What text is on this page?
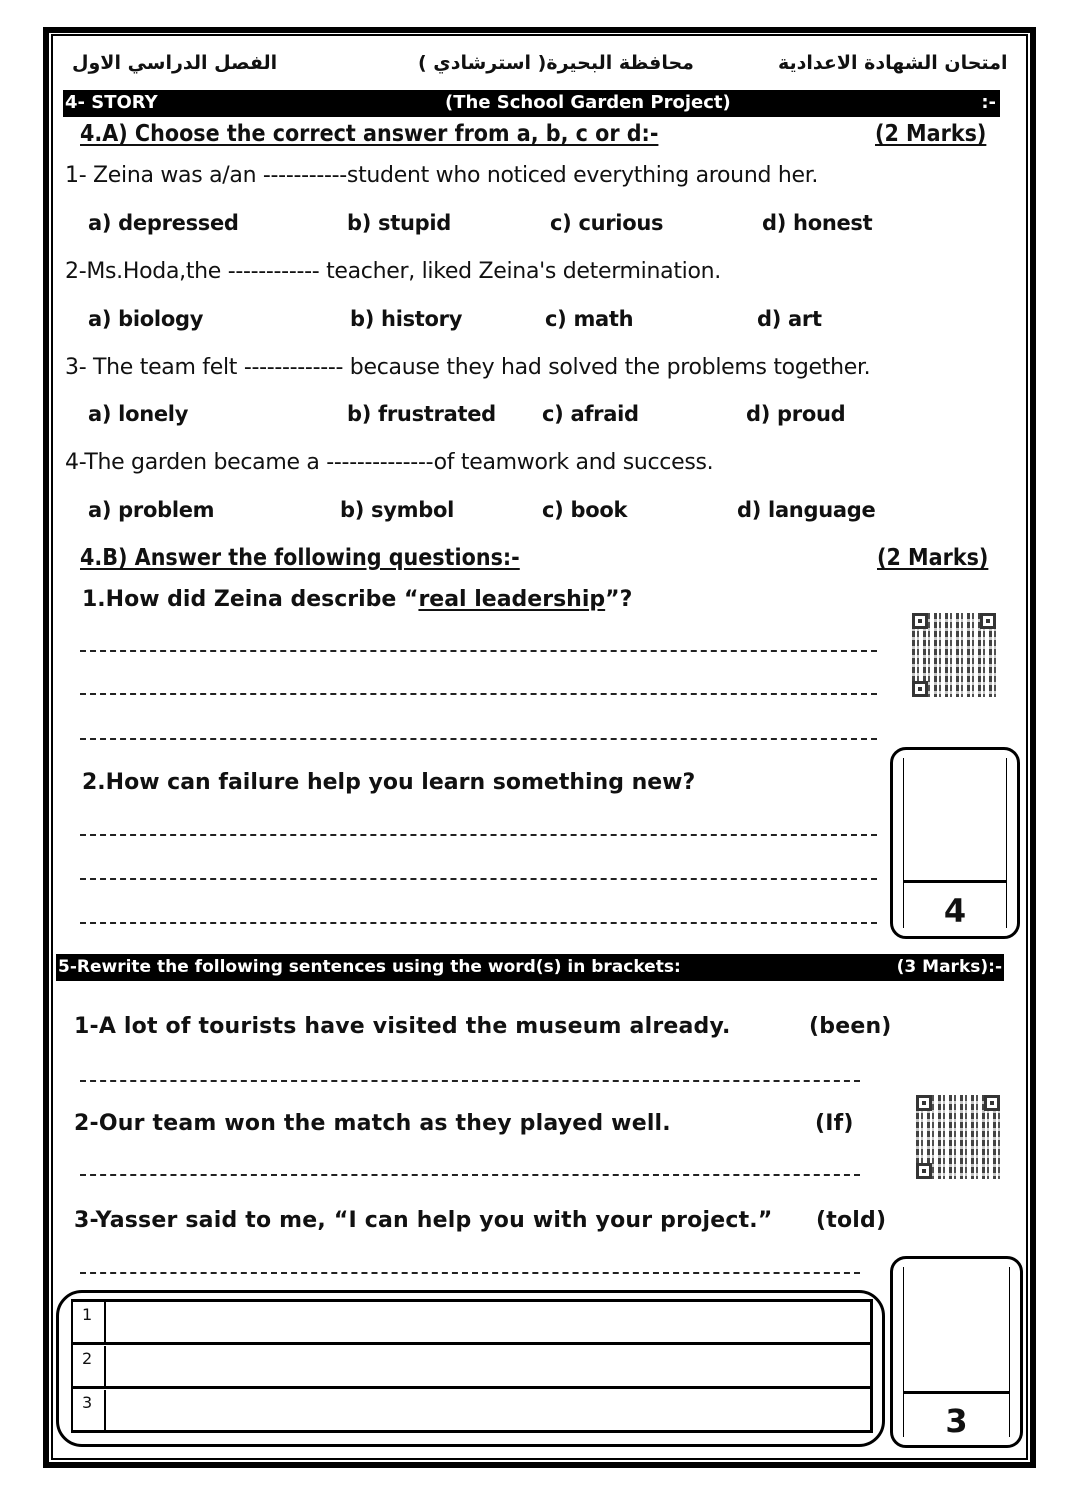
امتحان الشهادة الاعدادية
محافظة البحيرة( استرشادي )
الفصل الدراسي الاول
4- STORY	(The School Garden Project)	:-
4.A) Choose the correct answer from a, b, c or d:-	(2 Marks)
1- Zeina was a/an -----------student who noticed everything around her.
a) depressed	b) stupid	c) curious	d) honest
2-Ms.Hoda,the ------------ teacher, liked Zeina's determination.
a) biology	b) history	c) math	d) art
3- The team felt ------------- because they had solved the problems together.
a) lonely	b) frustrated c) afraid	d) proud
4-The garden became a --------------of teamwork and success.
a) problem	b) symbol	c) book	d) language
4.B) Answer the following questions:-	(2 Marks)
1.How did Zeina describe “real leadership”?
2.How can failure help you learn something new?
4
5-Rewrite the following sentences using the word(s) in brackets:	(3 Marks):-
1-A lot of tourists have visited the museum already.	(been)
2-Our team won the match as they played well.	(If)
3-Yasser said to me, “I can help you with your project.” (told)
1
2
3	3
